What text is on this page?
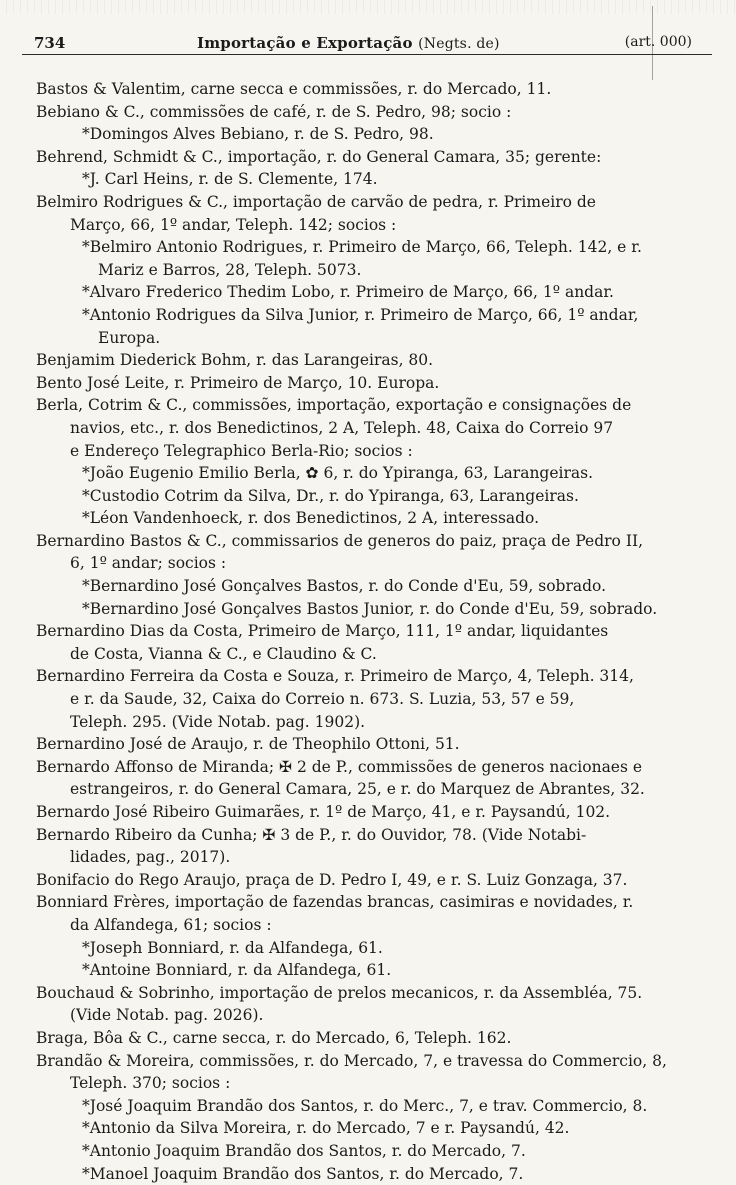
734	Importação e Exportação (Negts. de)	(art. 000)
Bastos & Valentim, carne secca e commissões, r. do Mercado, 11.
Bebiano & C., commissões de café, r. de S. Pedro, 98; socio :
*Domingos Alves Bebiano, r. de S. Pedro, 98.
Behrend, Schmidt & C., importação, r. do General Camara, 35; gerente:
*J. Carl Heins, r. de S. Clemente, 174.
Belmiro Rodrigues & C., importação de carvão de pedra, r. Primeiro de
Março, 66, 1º andar, Teleph. 142; socios :
*Belmiro Antonio Rodrigues, r. Primeiro de Março, 66, Teleph. 142, e r.
Mariz e Barros, 28, Teleph. 5073.
*Alvaro Frederico Thedim Lobo, r. Primeiro de Março, 66, 1º andar.
*Antonio Rodrigues da Silva Junior, r. Primeiro de Março, 66, 1º andar,
Europa.
Benjamim Diederick Bohm, r. das Larangeiras, 80.
Bento José Leite, r. Primeiro de Março, 10. Europa.
Berla, Cotrim & C., commissões, importação, exportação e consignações de
navios, etc., r. dos Benedictinos, 2 A, Teleph. 48, Caixa do Correio 97
e Endereço Telegraphico Berla-Rio; socios :
*João Eugenio Emilio Berla, ✿ 6, r. do Ypiranga, 63, Larangeiras.
*Custodio Cotrim da Silva, Dr., r. do Ypiranga, 63, Larangeiras.
*Léon Vandenhoeck, r. dos Benedictinos, 2 A, interessado.
Bernardino Bastos & C., commissarios de generos do paiz, praça de Pedro II,
6, 1º andar; socios :
*Bernardino José Gonçalves Bastos, r. do Conde d'Eu, 59, sobrado.
*Bernardino José Gonçalves Bastos Junior, r. do Conde d'Eu, 59, sobrado.
Bernardino Dias da Costa, Primeiro de Março, 111, 1º andar, liquidantes
de Costa, Vianna & C., e Claudino & C.
Bernardino Ferreira da Costa e Souza, r. Primeiro de Março, 4, Teleph. 314,
e r. da Saude, 32, Caixa do Correio n. 673. S. Luzia, 53, 57 e 59,
Teleph. 295. (Vide Notab. pag. 1902).
Bernardino José de Araujo, r. de Theophilo Ottoni, 51.
Bernardo Affonso de Miranda; ✠ 2 de P., commissões de generos nacionaes e
estrangeiros, r. do General Camara, 25, e r. do Marquez de Abrantes, 32.
Bernardo José Ribeiro Guimarães, r. 1º de Março, 41, e r. Paysandú, 102.
Bernardo Ribeiro da Cunha; ✠ 3 de P., r. do Ouvidor, 78. (Vide Notabi-
lidades, pag., 2017).
Bonifacio do Rego Araujo, praça de D. Pedro I, 49, e r. S. Luiz Gonzaga, 37.
Bonniard Frères, importação de fazendas brancas, casimiras e novidades, r.
da Alfandega, 61; socios :
*Joseph Bonniard, r. da Alfandega, 61.
*Antoine Bonniard, r. da Alfandega, 61.
Bouchaud & Sobrinho, importação de prelos mecanicos, r. da Assembléa, 75.
(Vide Notab. pag. 2026).
Braga, Bôa & C., carne secca, r. do Mercado, 6, Teleph. 162.
Brandão & Moreira, commissões, r. do Mercado, 7, e travessa do Commercio, 8,
Teleph. 370; socios :
*José Joaquim Brandão dos Santos, r. do Merc., 7, e trav. Commercio, 8.
*Antonio da Silva Moreira, r. do Mercado, 7 e r. Paysandú, 42.
*Antonio Joaquim Brandão dos Santos, r. do Mercado, 7.
*Manoel Joaquim Brandão dos Santos, r. do Mercado, 7.
